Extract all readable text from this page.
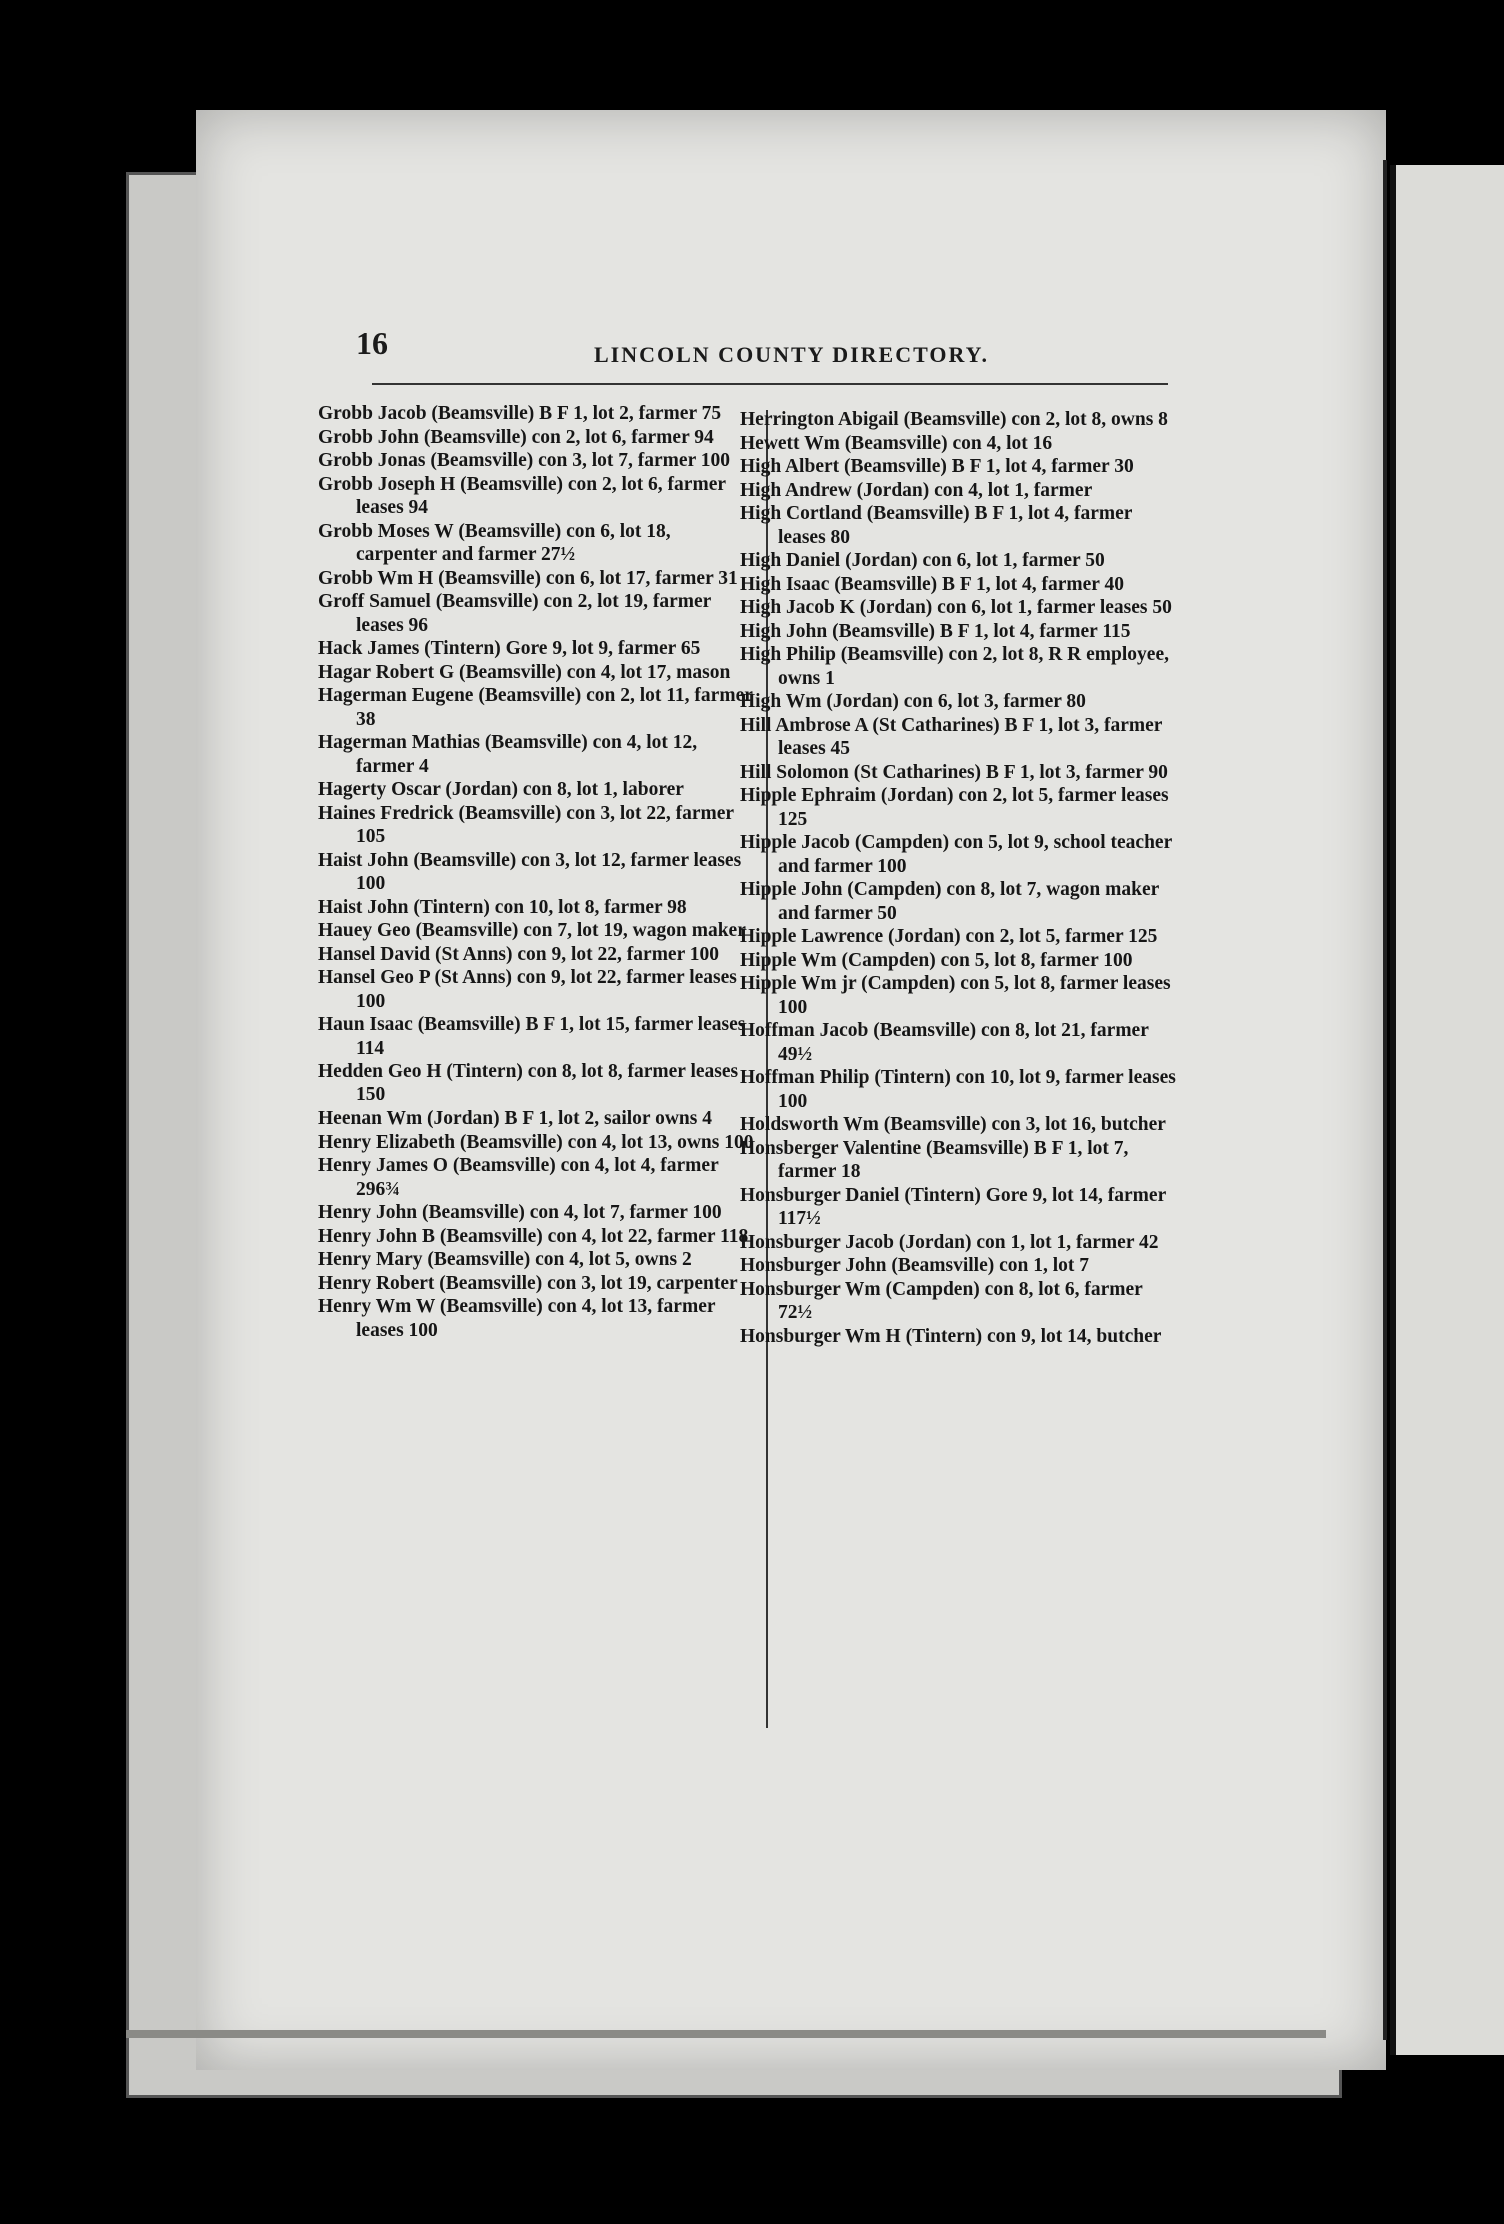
16	LINCOLN COUNTY DIRECTORY.
Grobb Jacob (Beamsville) B F 1, lot 2, farmer 75
Grobb John (Beamsville) con 2, lot 6, farmer 94
Grobb Jonas (Beamsville) con 3, lot 7, farmer 100
Grobb Joseph H (Beamsville) con 2, lot 6, farmer leases 94
Grobb Moses W (Beamsville) con 6, lot 18, carpenter and farmer 27½
Grobb Wm H (Beamsville) con 6, lot 17, farmer 31
Groff Samuel (Beamsville) con 2, lot 19, farmer leases 96
Hack James (Tintern) Gore 9, lot 9, farmer 65
Hagar Robert G (Beamsville) con 4, lot 17, mason
Hagerman Eugene (Beamsville) con 2, lot 11, farmer 38
Hagerman Mathias (Beamsville) con 4, lot 12, farmer 4
Hagerty Oscar (Jordan) con 8, lot 1, laborer
Haines Fredrick (Beamsville) con 3, lot 22, farmer 105
Haist John (Beamsville) con 3, lot 12, farmer leases 100
Haist John (Tintern) con 10, lot 8, farmer 98
Hauey Geo (Beamsville) con 7, lot 19, wagon maker
Hansel David (St Anns) con 9, lot 22, farmer 100
Hansel Geo P (St Anns) con 9, lot 22, farmer leases 100
Haun Isaac (Beamsville) B F 1, lot 15, farmer leases 114
Hedden Geo H (Tintern) con 8, lot 8, farmer leases 150
Heenan Wm (Jordan) B F 1, lot 2, sailor owns 4
Henry Elizabeth (Beamsville) con 4, lot 13, owns 100
Henry James O (Beamsville) con 4, lot 4, farmer 296¾
Henry John (Beamsville) con 4, lot 7, farmer 100
Henry John B (Beamsville) con 4, lot 22, farmer 118
Henry Mary (Beamsville) con 4, lot 5, owns 2
Henry Robert (Beamsville) con 3, lot 19, carpenter
Henry Wm W (Beamsville) con 4, lot 13, farmer leases 100
Herrington Abigail (Beamsville) con 2, lot 8, owns 8
Hewett Wm (Beamsville) con 4, lot 16
High Albert (Beamsville) B F 1, lot 4, farmer 30
High Andrew (Jordan) con 4, lot 1, farmer
High Cortland (Beamsville) B F 1, lot 4, farmer leases 80
High Daniel (Jordan) con 6, lot 1, farmer 50
High Isaac (Beamsville) B F 1, lot 4, farmer 40
High Jacob K (Jordan) con 6, lot 1, farmer leases 50
High John (Beamsville) B F 1, lot 4, farmer 115
High Philip (Beamsville) con 2, lot 8, R R employee, owns 1
High Wm (Jordan) con 6, lot 3, farmer 80
Hill Ambrose A (St Catharines) B F 1, lot 3, farmer leases 45
Hill Solomon (St Catharines) B F 1, lot 3, farmer 90
Hipple Ephraim (Jordan) con 2, lot 5, farmer leases 125
Hipple Jacob (Campden) con 5, lot 9, school teacher and farmer 100
Hipple John (Campden) con 8, lot 7, wagon maker and farmer 50
Hipple Lawrence (Jordan) con 2, lot 5, farmer 125
Hipple Wm (Campden) con 5, lot 8, farmer 100
Hipple Wm jr (Campden) con 5, lot 8, farmer leases 100
Hoffman Jacob (Beamsville) con 8, lot 21, farmer 49½
Hoffman Philip (Tintern) con 10, lot 9, farmer leases 100
Holdsworth Wm (Beamsville) con 3, lot 16, butcher
Honsberger Valentine (Beamsville) B F 1, lot 7, farmer 18
Honsburger Daniel (Tintern) Gore 9, lot 14, farmer 117½
Honsburger Jacob (Jordan) con 1, lot 1, farmer 42
Honsburger John (Beamsville) con 1, lot 7
Honsburger Wm (Campden) con 8, lot 6, farmer 72½
Honsburger Wm H (Tintern) con 9, lot 14, butcher
